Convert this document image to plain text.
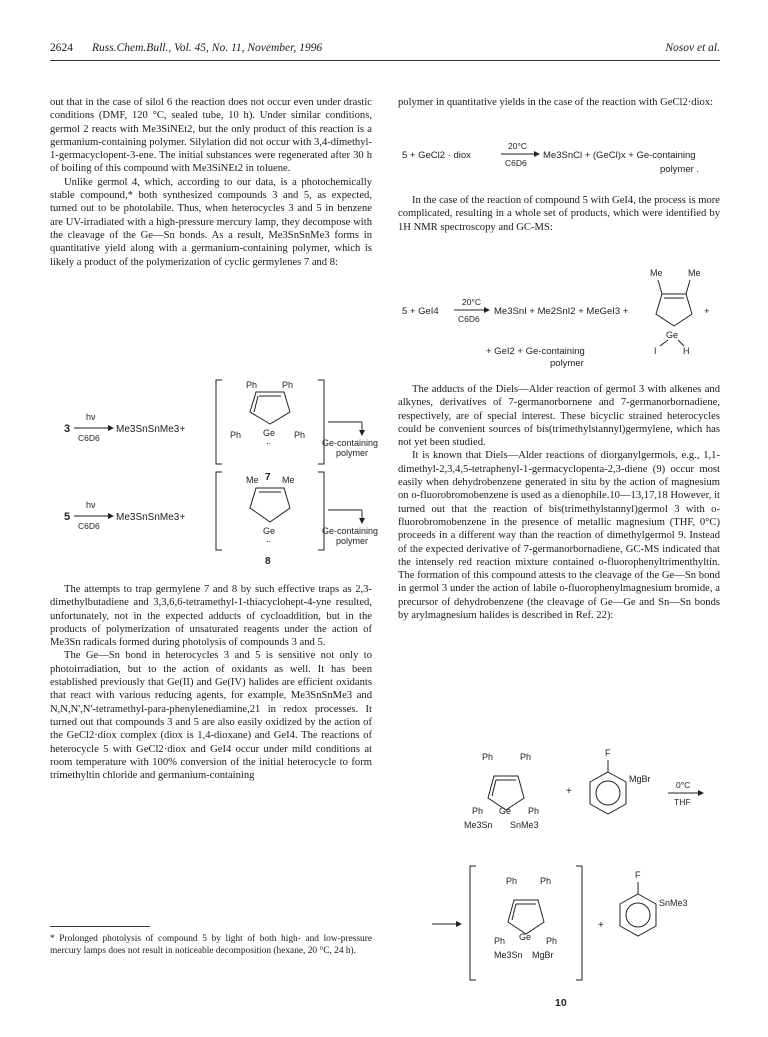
2624 Russ.Chem.Bull., Vol. 45, No. 11, November, 1996	Nosov et al.

out that in the case of silol 6 the reaction does not occur even under drastic conditions (DMF, 120 °C, sealed tube, 10 h). Under similar conditions, germol 2 reacts with Me3SiNEt2, but the only product of this reaction is a germanium-containing polymer. Silylation did not occur with 3,4-dimethyl-1-germacyclopent-3-ene. The initial substances were regenerated after 30 h of boiling of this compound with Me3SiNEt2 in toluene.

Unlike germol 4, which, according to our data, is a photochemically stable compound,* both synthesized compounds 3 and 5, as expected, turned out to be photolabile. Thus, when heterocycles 3 and 5 in benzene are UV-irradiated with a high-pressure mercury lamp, they decompose with the cleavage of the Ge—Sn bonds. As a result, Me3SnSnMe3 forms in quantitative yield along with a germanium-containing polymer, which is likely a product of the polymerization of cyclic germylenes 7 and 8:

3
hν
C6D6
Me3SnSnMe3+
Ph	Ph
Ph	Ph
Ge
..
7
Ge-containing
polymer
5
hν
C6D6
Me3SnSnMe3+
Me	Me
Ge
..
8
Ge-containing
polymer

The attempts to trap germylene 7 and 8 by such effective traps as 2,3-dimethylbutadiene and 3,3,6,6-tetramethyl-1-thiacyclohept-4-yne resulted, unfortunately, not in the expected adducts of cycloaddition, but in the products of polymerization of unsaturated reagents under the action of Me3Sn radicals formed during photolysis of compounds 3 and 5.

The Ge—Sn bond in heterocycles 3 and 5 is sensitive not only to photoirradiation, but to the action of oxidants as well. It has been established previously that Ge(II) and Ge(IV) halides are efficient oxidants that react with various reducing agents, for example, Me3SnSnMe3 and N,N,N',N'-tetramethyl-para-phenylenediamine,21 in redox processes. It turned out that compounds 3 and 5 are also easily oxidized by the action of the GeCl2·diox complex (diox is 1,4-dioxane) and GeI4. The reactions of heterocycle 5 with GeCl2·diox and GeI4 occur under mild conditions at room temperature with 100% conversion of the initial heterocycle to form trimethyltin chloride and germanium-containing

* Prolonged photolysis of compound 5 by light of both high- and low-pressure mercury lamps does not result in noticeable decomposition (hexane, 20 °C, 24 h).

polymer in quantitative yields in the case of the reaction with GeCl2·diox:

5 + GeCl2 · diox
20°C
C6D6
Me3SnCl + (GeCl)x + Ge-containing
polymer .

In the case of the reaction of compound 5 with GeI4, the process is more complicated, resulting in a whole set of products, which were identified by 1H NMR spectroscopy and GC-MS:

5 + GeI4
20°C
C6D6
Me3SnI + Me2SnI2 + MeGeI3 +
Me	Me
Ge
I	H
+
+ GeI2 + Ge-containing
polymer

The adducts of the Diels—Alder reaction of germol 3 with alkenes and alkynes, derivatives of 7-germanorbornene and 7-germanorbornadiene, respectively, are of special interest. These bicyclic strained heterocycles could be convenient sources of bis(trimethylstannyl)germylene, which has not yet been studied.

It is known that Diels—Alder reactions of diorganylgermols, e.g., 1,1-dimethyl-2,3,4,5-tetraphenyl-1-germacyclopenta-2,3-diene (9) occur most easily when dehydrobenzene generated in situ by the action of magnesium on o-fluorobromobenzene is used as a dienophile.10—13,17,18 However, it turned out that the reaction of bis(trimethylstannyl)germol 3 with o-fluorobromobenzene in the presence of metallic magnesium (THF, 0°C) proceeds in a different way than the reaction of dimethylgermol 9. Instead of the expected derivative of 7-germanorbornadiene, GC-MS indicated that the intensely red reaction mixture contained o-fluorophenyltrimenthyltin. The formation of this compound attests to the cleavage of the Ge—Sn bond in germol 3 under the action of labile o-fluorophenylmagnesium bromide, a precursor of dehydrobenzene (the cleavage of Ge—Ge and Sn—Sn bonds by arylmagnesium halides is described in Ref. 22):

Ph	Ph
Ph	Ph
Ge
Me3Sn SnMe3
+
F
MgBr
0°C
THF
Ph	Ph
Ph	Ph
Ge
Me3Sn MgBr
+
F
SnMe3
10
